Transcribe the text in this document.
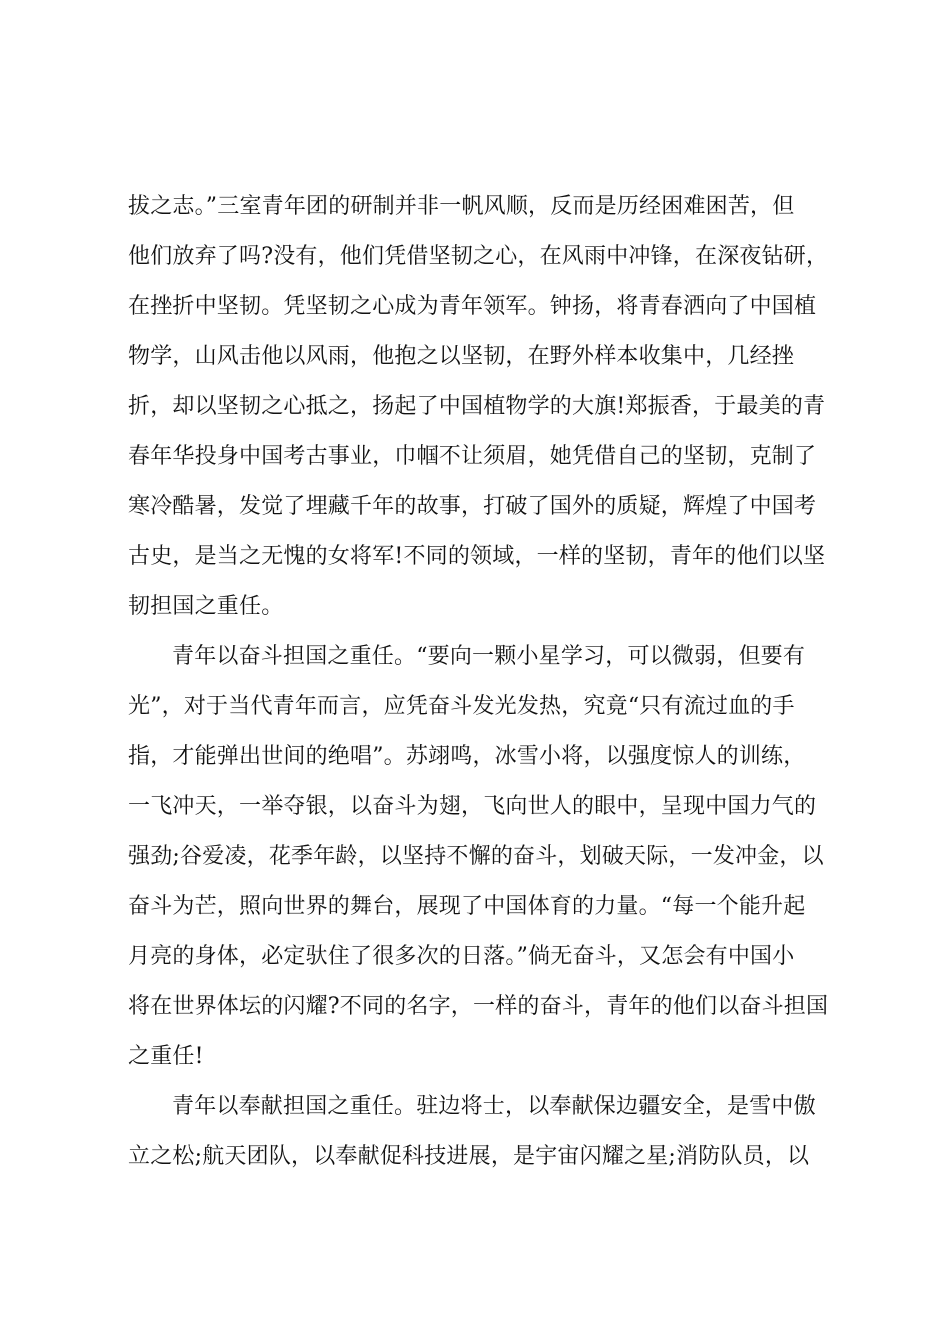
拔之志。”三室青年团的研制并非一帆风顺，反而是历经困难困苦，但
他们放弃了吗?没有，他们凭借坚韧之心，在风雨中冲锋，在深夜钻研，
在挫折中坚韧。凭坚韧之心成为青年领军。钟扬，将青春洒向了中国植
物学，山风击他以风雨，他抱之以坚韧，在野外样本收集中，几经挫
折，却以坚韧之心抵之，扬起了中国植物学的大旗!郑振香，于最美的青
春年华投身中国考古事业，巾帼不让须眉，她凭借自己的坚韧，克制了
寒冷酷暑，发觉了埋藏千年的故事，打破了国外的质疑，辉煌了中国考
古史，是当之无愧的女将军!不同的领域，一样的坚韧，青年的他们以坚
韧担国之重任。
青年以奋斗担国之重任。“要向一颗小星学习，可以微弱，但要有
光”，对于当代青年而言，应凭奋斗发光发热，究竟“只有流过血的手
指，才能弹出世间的绝唱”。苏翊鸣，冰雪小将，以强度惊人的训练，
一飞冲天，一举夺银，以奋斗为翅，飞向世人的眼中，呈现中国力气的
强劲;谷爱凌，花季年龄，以坚持不懈的奋斗，划破天际，一发冲金，以
奋斗为芒，照向世界的舞台，展现了中国体育的力量。“每一个能升起
月亮的身体，必定驮住了很多次的日落。”倘无奋斗，又怎会有中国小
将在世界体坛的闪耀?不同的名字，一样的奋斗，青年的他们以奋斗担国
之重任!
青年以奉献担国之重任。驻边将士，以奉献保边疆安全，是雪中傲
立之松;航天团队，以奉献促科技进展，是宇宙闪耀之星;消防队员，以
